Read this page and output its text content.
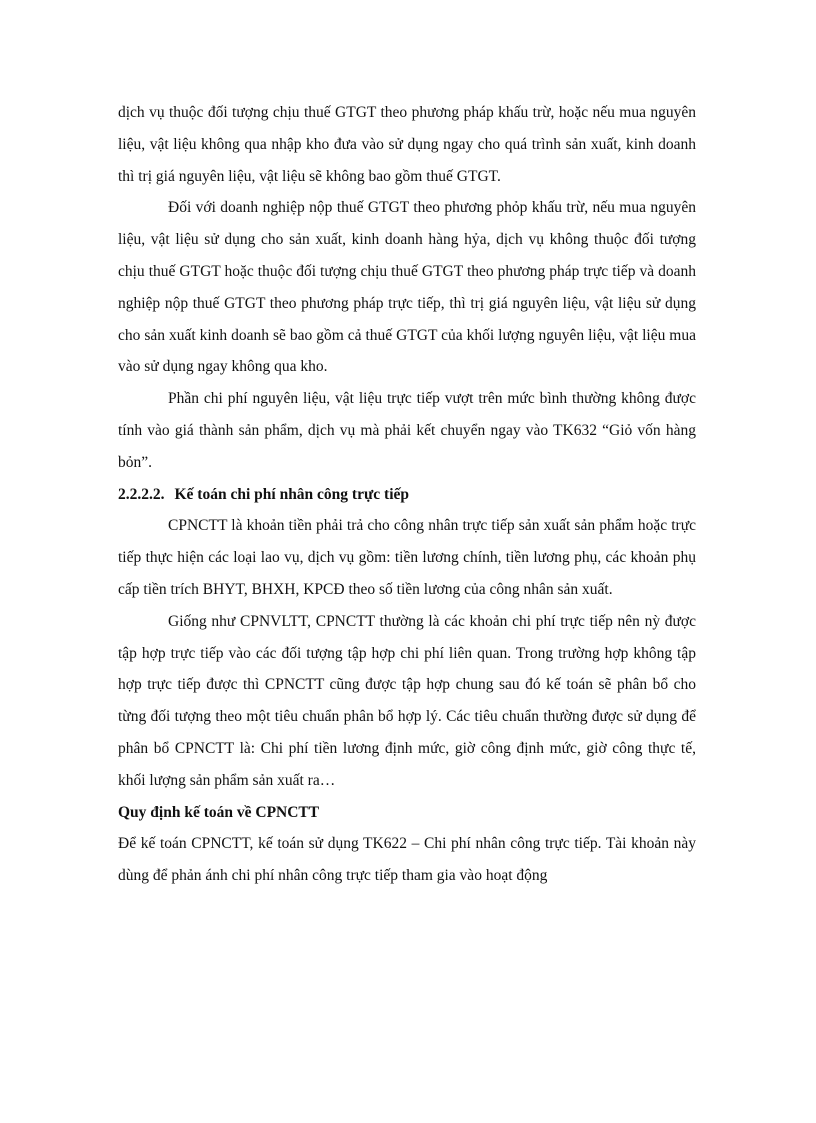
dịch vụ thuộc đối tượng chịu thuế GTGT theo phương pháp khấu trừ, hoặc nếu mua nguyên liệu, vật liệu không qua nhập kho đưa vào sử dụng ngay cho quá trình sản xuất, kinh doanh thì trị giá nguyên liệu, vật liệu sẽ không bao gồm thuế GTGT.

Đối với doanh nghiệp nộp thuế GTGT theo phương phỏp khấu trừ, nếu mua nguyên liệu, vật liệu sử dụng cho sản xuất, kinh doanh hàng hỷa, dịch vụ không thuộc đối tượng chịu thuế GTGT hoặc thuộc đối tượng chịu thuế GTGT theo phương pháp trực tiếp và doanh nghiệp nộp thuế GTGT theo phương pháp trực tiếp, thì trị giá nguyên liệu, vật liệu sử dụng cho sản xuất kinh doanh sẽ bao gồm cả thuế GTGT của khối lượng nguyên liệu, vật liệu mua vào sử dụng ngay không qua kho.

Phần chi phí nguyên liệu, vật liệu trực tiếp vượt trên mức bình thường không được tính vào giá thành sản phẩm, dịch vụ mà phải kết chuyển ngay vào TK632 “Giỏ vốn hàng bỏn”.

2.2.2.2. Kế toán chi phí nhân công trực tiếp

CPNCTT là khoản tiền phải trả cho công nhân trực tiếp sản xuất sản phẩm hoặc trực tiếp thực hiện các loại lao vụ, dịch vụ gồm: tiền lương chính, tiền lương phụ, các khoản phụ cấp tiền trích BHYT, BHXH, KPCĐ theo số tiền lương của công nhân sản xuất.

Giống như CPNVLTT, CPNCTT thường là các khoản chi phí trực tiếp nên nỳ được tập hợp trực tiếp vào các đối tượng tập hợp chi phí liên quan. Trong trường hợp không tập hợp trực tiếp được thì CPNCTT cũng được tập hợp chung sau đó kế toán sẽ phân bổ cho từng đối tượng theo một tiêu chuẩn phân bổ hợp lý. Các tiêu chuẩn thường được sử dụng để phân bổ CPNCTT là: Chi phí tiền lương định mức, giờ công định mức, giờ công thực tế, khối lượng sản phẩm sản xuất ra…

Quy định kế toán về CPNCTT

Để kế toán CPNCTT, kế toán sử dụng TK622 – Chi phí nhân công trực tiếp. Tài khoản này dùng để phản ánh chi phí nhân công trực tiếp tham gia vào hoạt động
